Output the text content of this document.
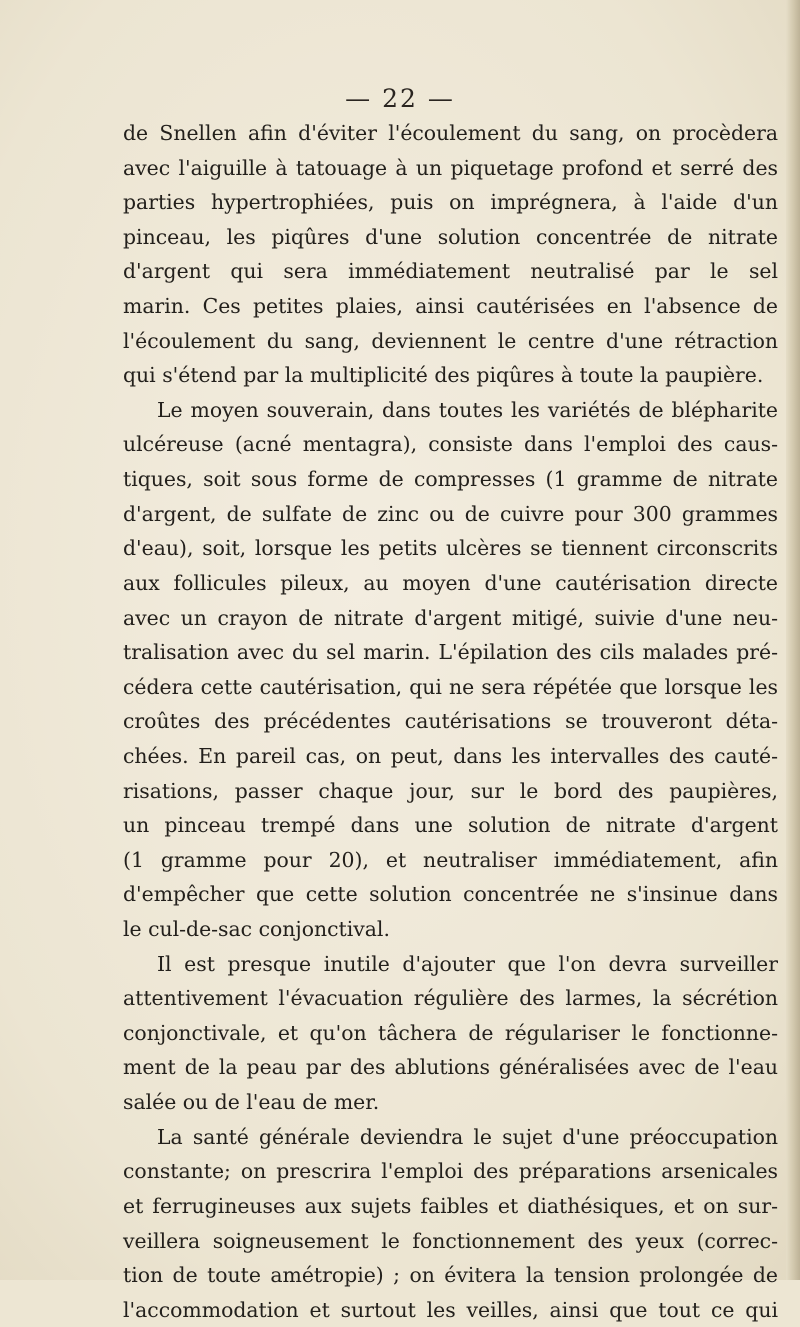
— 22 —
de Snellen afin d'éviter l'écoulement du sang, on procèdera
avec l'aiguille à tatouage à un piquetage profond et serré des
parties hypertrophiées, puis on imprégnera, à l'aide d'un
pinceau, les piqûres d'une solution concentrée de nitrate
d'argent qui sera immédiatement neutralisé par le sel
marin. Ces petites plaies, ainsi cautérisées en l'absence de
l'écoulement du sang, deviennent le centre d'une rétraction
qui s'étend par la multiplicité des piqûres à toute la paupière.
Le moyen souverain, dans toutes les variétés de blépharite
ulcéreuse (acné mentagra), consiste dans l'emploi des caus-
tiques, soit sous forme de compresses (1 gramme de nitrate
d'argent, de sulfate de zinc ou de cuivre pour 300 grammes
d'eau), soit, lorsque les petits ulcères se tiennent circonscrits
aux follicules pileux, au moyen d'une cautérisation directe
avec un crayon de nitrate d'argent mitigé, suivie d'une neu-
tralisation avec du sel marin. L'épilation des cils malades pré-
cédera cette cautérisation, qui ne sera répétée que lorsque les
croûtes des précédentes cautérisations se trouveront déta-
chées. En pareil cas, on peut, dans les intervalles des cauté-
risations, passer chaque jour, sur le bord des paupières,
un pinceau trempé dans une solution de nitrate d'argent
(1 gramme pour 20), et neutraliser immédiatement, afin
d'empêcher que cette solution concentrée ne s'insinue dans
le cul-de-sac conjonctival.
Il est presque inutile d'ajouter que l'on devra surveiller
attentivement l'évacuation régulière des larmes, la sécrétion
conjonctivale, et qu'on tâchera de régulariser le fonctionne-
ment de la peau par des ablutions généralisées avec de l'eau
salée ou de l'eau de mer.
La santé générale deviendra le sujet d'une préoccupation
constante; on prescrira l'emploi des préparations arsenicales
et ferrugineuses aux sujets faibles et diathésiques, et on sur-
veillera soigneusement le fonctionnement des yeux (correc-
tion de toute amétropie) ; on évitera la tension prolongée de
l'accommodation et surtout les veilles, ainsi que tout ce qui
